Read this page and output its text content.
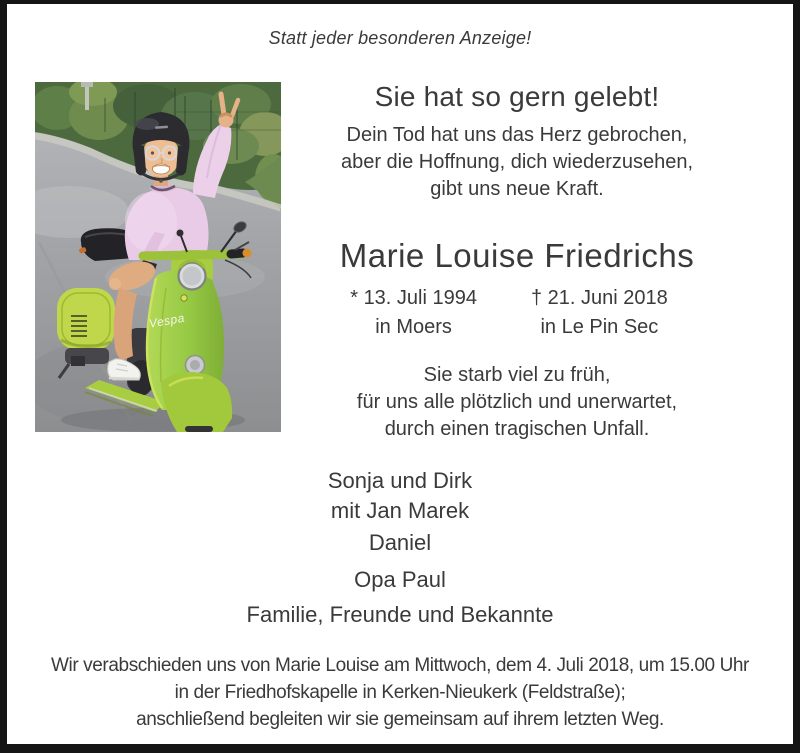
Statt jeder besonderen Anzeige!
Vespa
Sie hat so gern gelebt!
Dein Tod hat uns das Herz gebrochen,
aber die Hoffnung, dich wiederzusehen,
gibt uns neue Kraft.
Marie Louise Friedrichs
* 13. Juli 1994
in Moers
† 21. Juni 2018
in Le Pin Sec
Sie starb viel zu früh,
für uns alle plötzlich und unerwartet,
durch einen tragischen Unfall.
Sonja und Dirk
mit Jan Marek
Daniel
Opa Paul
Familie, Freunde und Bekannte
Wir verabschieden uns von Marie Louise am Mittwoch, dem 4. Juli 2018, um 15.00 Uhr
in der Friedhofskapelle in Kerken-Nieukerk (Feldstraße);
anschließend begleiten wir sie gemeinsam auf ihrem letzten Weg.
